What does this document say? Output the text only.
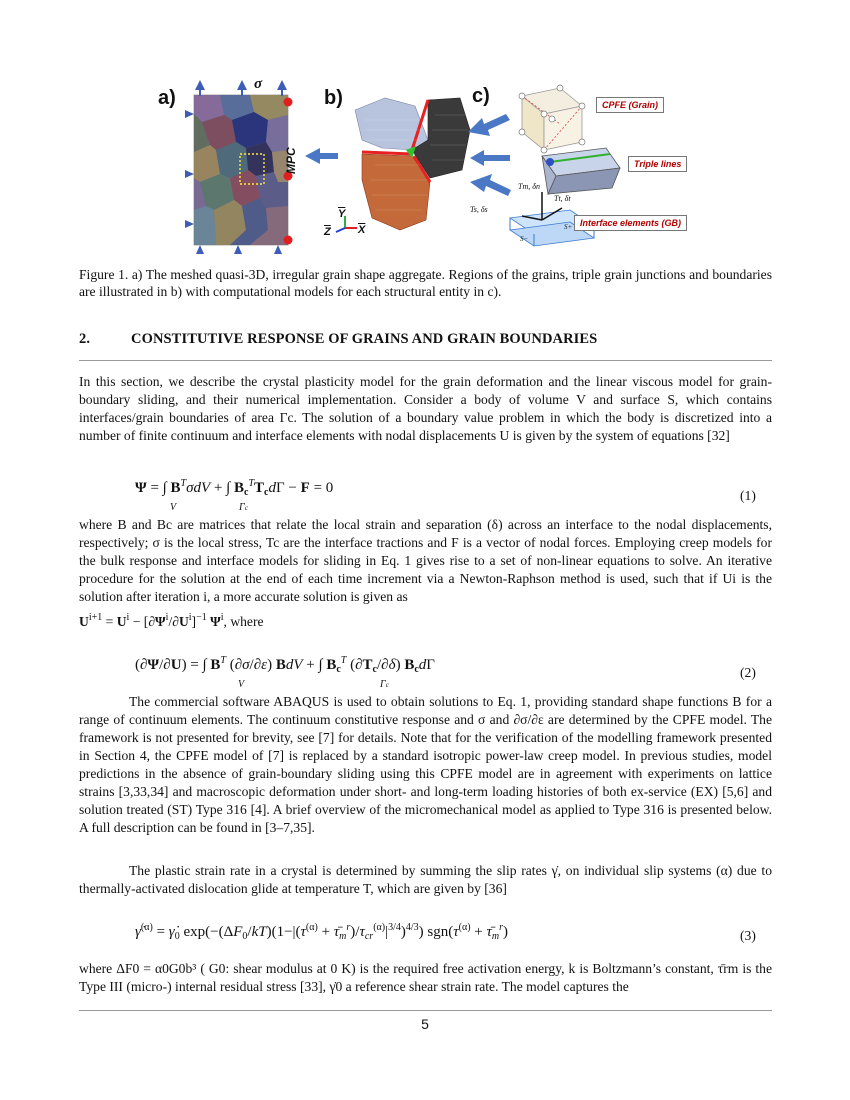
a)	b)	c)
σ
MPC
$\overline{Y}$
$\overline{Z}$ $\overline{X}$
CPFE (Grain)
Triple lines
Interface elements (GB)
Tm, δn
Ts, δs
Tt, δt
S+
S−
Figure 1. a) The meshed quasi-3D, irregular grain shape aggregate. Regions of the grains, triple grain junctions and boundaries are illustrated in b) with computational models for each structural entity in c).
2.	CONSTITUTIVE RESPONSE OF GRAINS AND GRAIN BOUNDARIES
In this section, we describe the crystal plasticity model for the grain deformation and the linear viscous model for grain-boundary sliding, and their numerical implementation. Consider a body of volume V and surface S, which contains interfaces/grain boundaries of area Γc. The solution of a boundary value problem in which the body is discretized into a number of finite continuum and interface elements with nodal displacements U is given by the system of equations [32]
Ψ = ∫ $B^T\sigma dV$ + ∫ $B_c^TT_cd\Gamma - F = 0$
V	Γc
(1)
where B and Bc are matrices that relate the local strain and separation (δ) across an interface to the nodal displacements, respectively; σ is the local stress, Tc are the interface tractions and F is a vector of nodal forces. Employing creep models for the bulk response and interface models for sliding in Eq. 1 gives rise to a set of non-linear equations to solve. An iterative procedure for the solution at the end of each time increment via a Newton-Raphson method is used, such that if Ui is the solution after iteration i, a more accurate solution is given as
$U^{i+1} = U^i - [\partial\Psi^i/\partial U^i]^{-1}$ $\Psi^i$, where
(∂Ψ/∂U) = ∫ $B^T$ (∂σ/∂ε) BdV + ∫ $B_c^T$ $(\partial T_c/\partial\delta)$ $B_cd\Gamma$
V	Γc
(2)
The commercial software ABAQUS is used to obtain solutions to Eq. 1, providing standard shape functions B for a range of continuum elements. The continuum constitutive response and σ and ∂σ/∂ε are determined by the CPFE model. The framework is not presented for brevity, see [7] for details. Note that for the verification of the modelling framework presented in Section 4, the CPFE model of [7] is replaced by a standard isotropic power-law creep model. In previous studies, model predictions in the absence of grain-boundary sliding using this CPFE model are in agreement with experiments on lattice strains [3,33,34] and macroscopic deformation under short- and long-term loading histories of both ex-service (EX) [5,6] and solution treated (ST) Type 316 [4]. A brief overview of the micromechanical model as applied to Type 316 is presented below. A full description can be found in [3–7,35].
The plastic strain rate in a crystal is determined by summing the slip rates γ̇, on individual slip systems (α) due to thermally-activated dislocation glide at temperature T, which are given by [36]
γ̇$^{(\alpha)}$ = $\gammȧ_0$ $\exp(-(\Delta F_0/kT)(1-|(\tau^{(\alpha)}$ + $\taū_m^r)/\tau_{cr}^{(\alpha)}|^{3/4})^{4/3}$) $sgn(\tau^{(\alpha)}$ + $\taū_m^r$)	(3)
where ΔF0 = α0G0b³ ( G0: shear modulus at 0 K) is the required free activation energy, k is Boltzmann’s constant, τ̄rm is the Type III (micro-) internal residual stress [33], γ̇0 a reference shear strain rate. The model captures the
5
